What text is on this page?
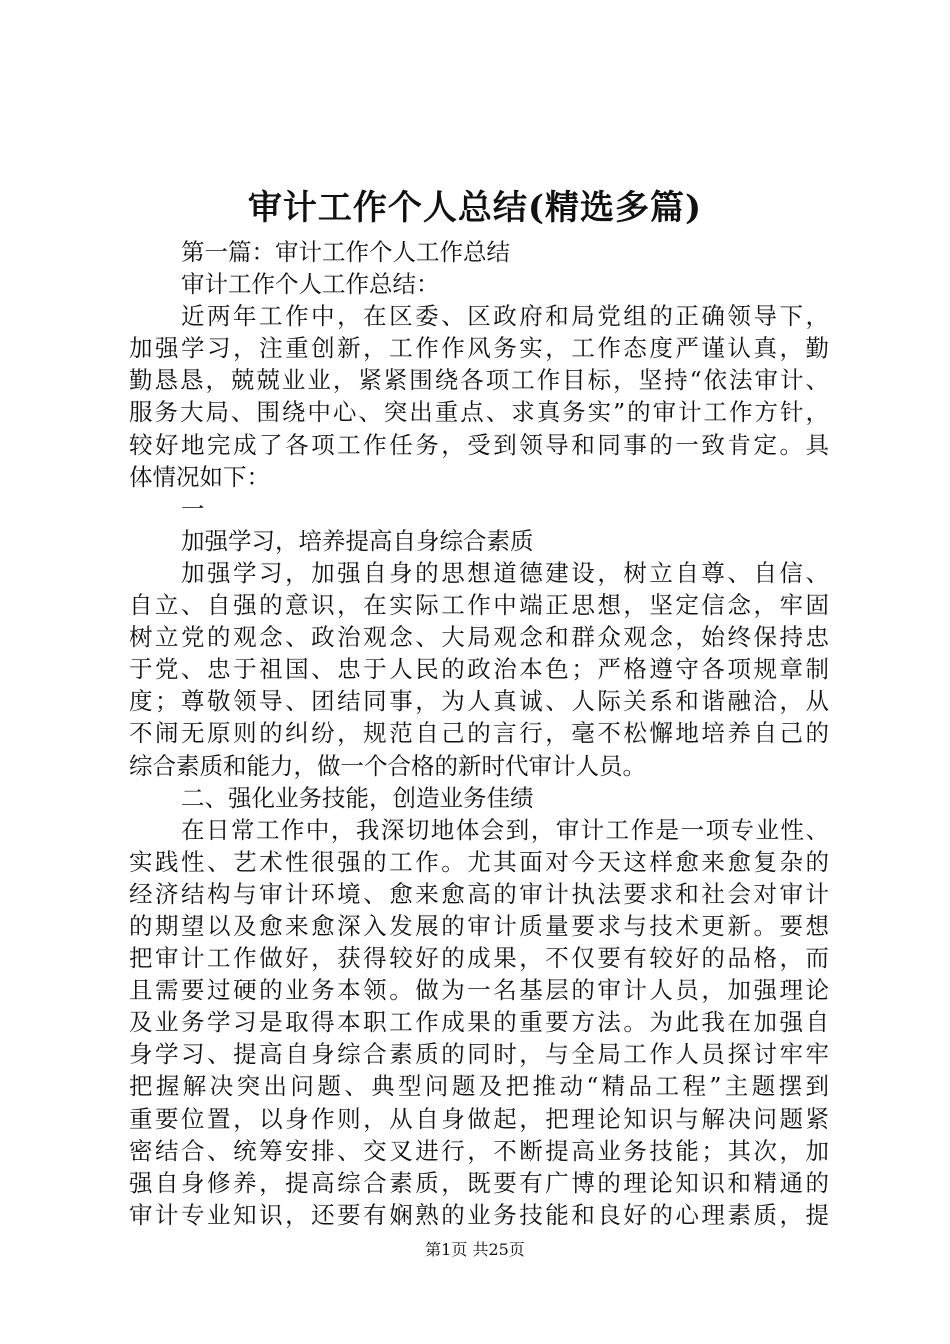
审计工作个人总结(精选多篇)
第一篇：审计工作个人工作总结
审计工作个人工作总结：
近两年工作中，在区委、区政府和局党组的正确领导下，
加强学习，注重创新，工作作风务实，工作态度严谨认真，勤
勤恳恳，兢兢业业，紧紧围绕各项工作目标，坚持“依法审计、
服务大局、围绕中心、突出重点、求真务实”的审计工作方针，
较好地完成了各项工作任务，受到领导和同事的一致肯定。具
体情况如下：
一
加强学习，培养提高自身综合素质
加强学习，加强自身的思想道德建设，树立自尊、自信、
自立、自强的意识，在实际工作中端正思想，坚定信念，牢固
树立党的观念、政治观念、大局观念和群众观念，始终保持忠
于党、忠于祖国、忠于人民的政治本色；严格遵守各项规章制
度；尊敬领导、团结同事，为人真诚、人际关系和谐融洽，从
不闹无原则的纠纷，规范自己的言行，毫不松懈地培养自己的
综合素质和能力，做一个合格的新时代审计人员。
二、强化业务技能，创造业务佳绩
在日常工作中，我深切地体会到，审计工作是一项专业性、
实践性、艺术性很强的工作。尤其面对今天这样愈来愈复杂的
经济结构与审计环境、愈来愈高的审计执法要求和社会对审计
的期望以及愈来愈深入发展的审计质量要求与技术更新。要想
把审计工作做好，获得较好的成果，不仅要有较好的品格，而
且需要过硬的业务本领。做为一名基层的审计人员，加强理论
及业务学习是取得本职工作成果的重要方法。为此我在加强自
身学习、提高自身综合素质的同时，与全局工作人员探讨牢牢
把握解决突出问题、典型问题及把推动“精品工程”主题摆到
重要位置，以身作则，从自身做起，把理论知识与解决问题紧
密结合、统筹安排、交叉进行，不断提高业务技能；其次，加
强自身修养，提高综合素质，既要有广博的理论知识和精通的
审计专业知识，还要有娴熟的业务技能和良好的心理素质，提
第1页 共25页
